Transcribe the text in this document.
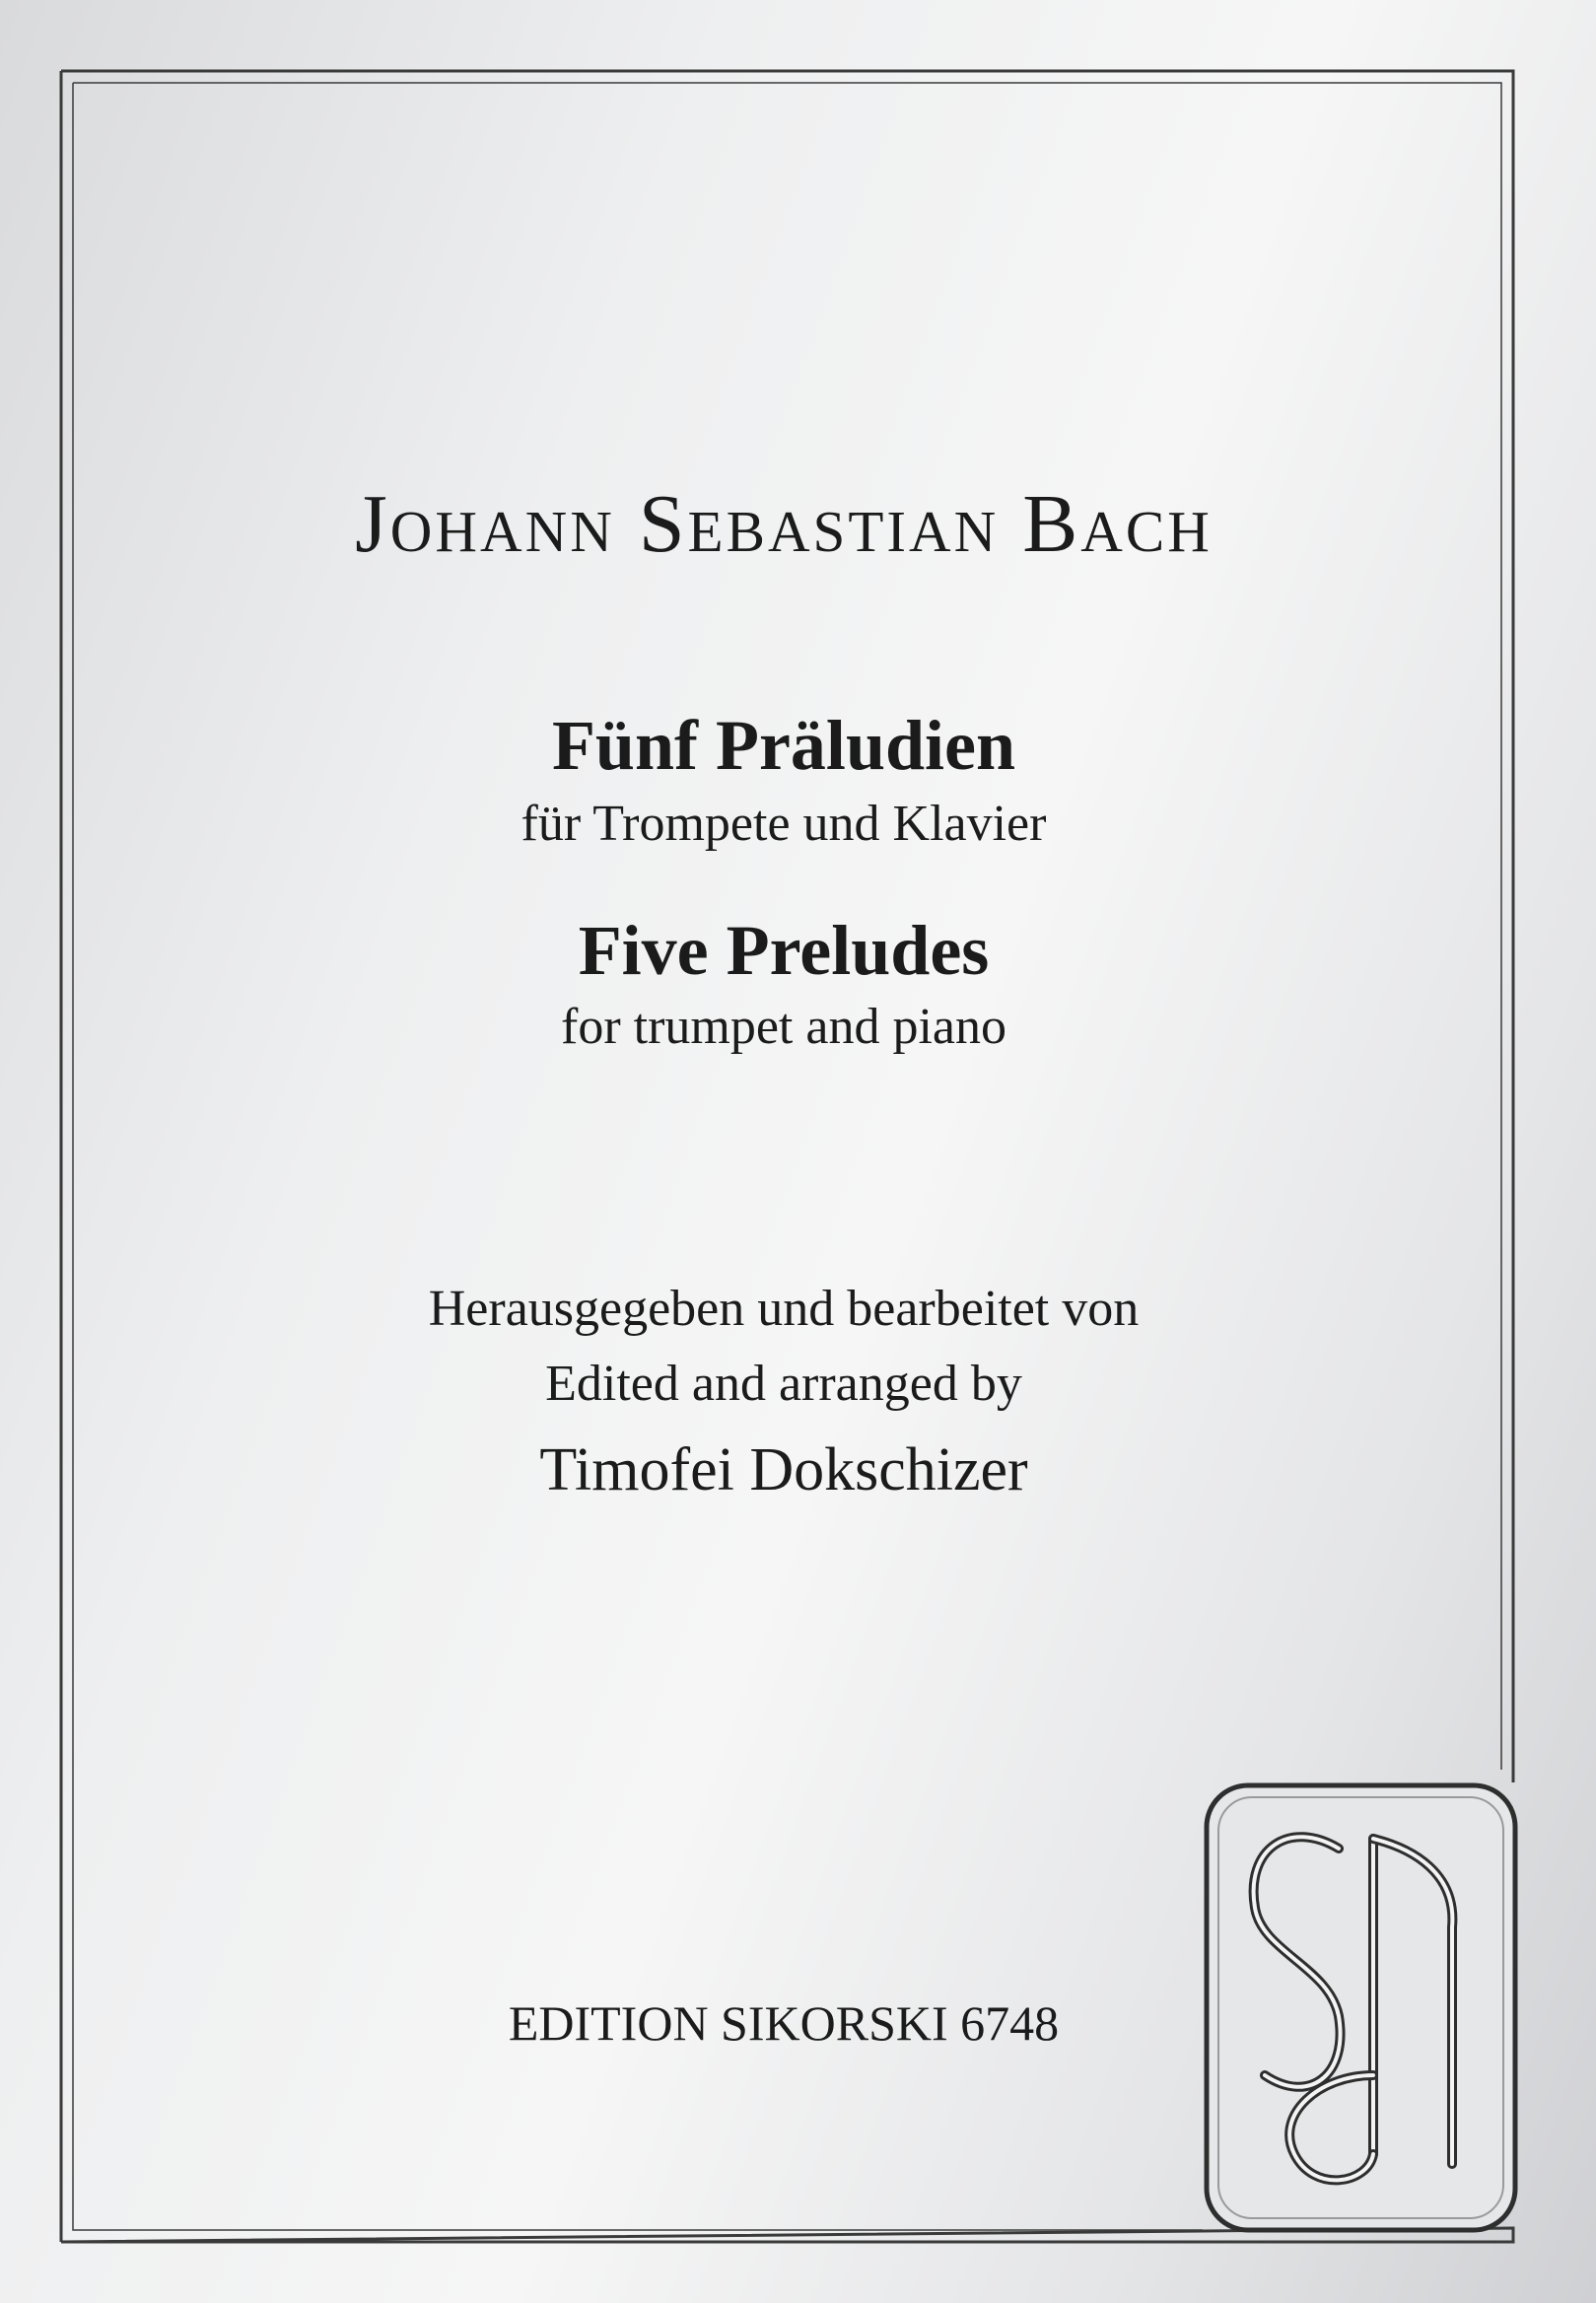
Johann Sebastian Bach
Fünf Präludien
für Trompete und Klavier
Five Preludes
for trumpet and piano
Herausgegeben und bearbeitet von
Edited and arranged by
Timofei Dokschizer
EDITION SIKORSKI 6748
